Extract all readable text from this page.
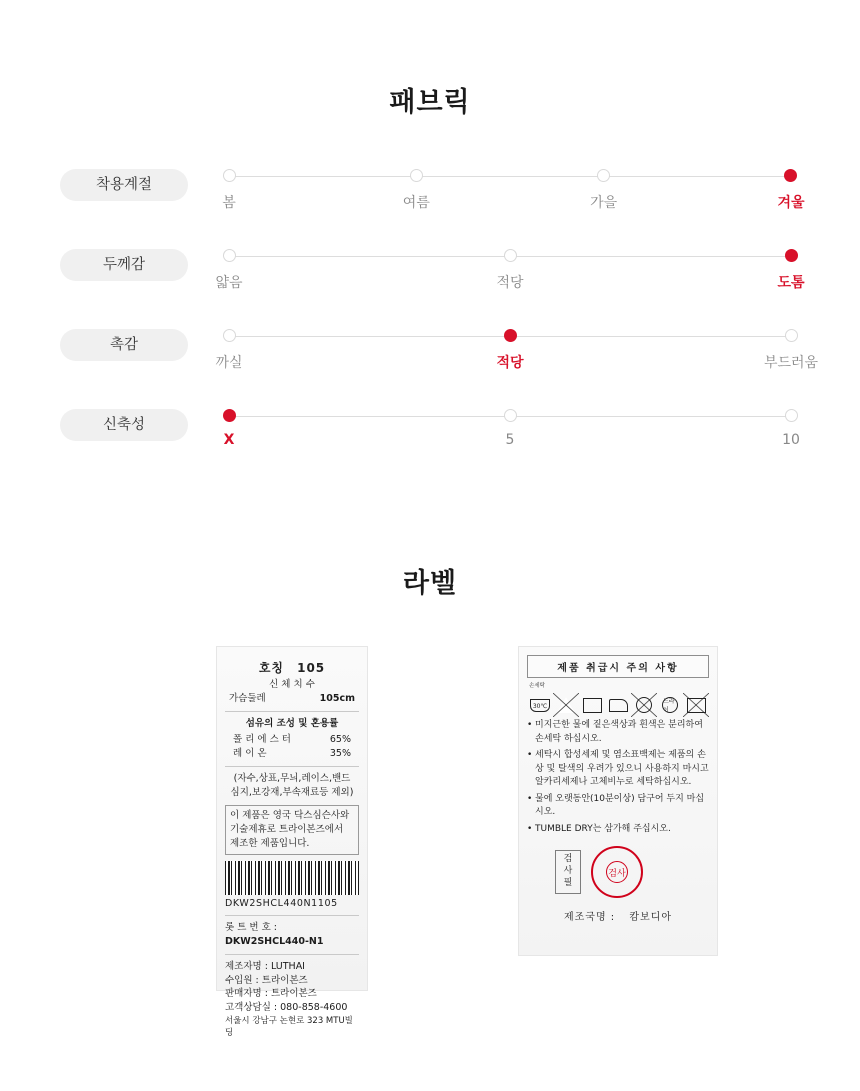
패브릭
착용계절
봄	여름	가을	겨울
두께감
얇음	적당	도톰
촉감
까실	적당	부드러움
신축성
X	5	10
라벨
호칭 105
신 체 치 수
가슴둘레	105cm
섬유의 조성 및 혼용률
폴 리 에 스 터	65%
레 이 온	35%
(자수,상표,무늬,레이스,밴드
심지,보강재,부속재료등 제외)
이 제품은 영국 닥스심슨사와
기술제휴로 트라이본즈에서
제조한 제품입니다.
DKW2SHCL440N1105
롯 트 번 호 : DKW2SHCL440-N1
제조자명 : LUTHAI
수입원 : 트라이본즈
판매자명 : 트라이본즈
고객상담실 : 080-858-4600
서울시 강남구 논현로 323 MTU빌딩
제품 취급시 주의 사항
손세탁
30℃
드라이
• 미지근한 물에 짙은색상과 흰색은 분리하여 손세탁 하십시오.
• 세탁시 합성세제 및 염소표백제는 제품의 손상 및 탈색의 우려가 있으니 사용하지 마시고 알카리세제나 고체비누로 세탁하십시오.
• 물에 오랫동안(10분이상) 담구어 두지 마십시오.
• TUMBLE DRY는 삼가해 주십시오.
검
사
필
검사
제조국명 : 캄보디아
